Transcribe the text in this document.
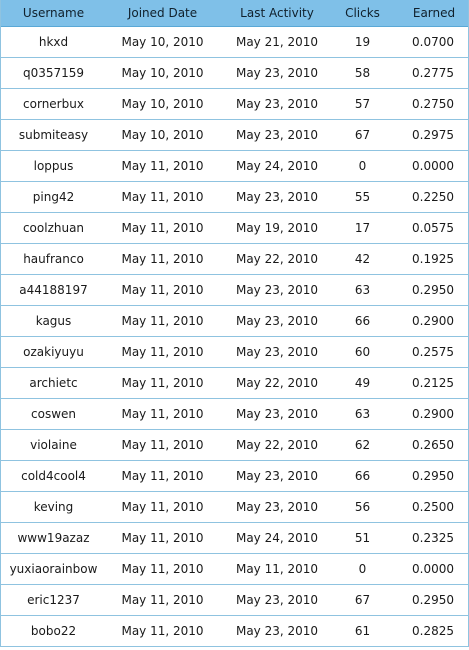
Username	Joined Date	Last Activity	Clicks	Earned
hkxd	May 10, 2010	May 21, 2010	19	0.0700
q0357159	May 10, 2010	May 23, 2010	58	0.2775
cornerbux	May 10, 2010	May 23, 2010	57	0.2750
submiteasy	May 10, 2010	May 23, 2010	67	0.2975
loppus	May 11, 2010	May 24, 2010	0	0.0000
ping42	May 11, 2010	May 23, 2010	55	0.2250
coolzhuan	May 11, 2010	May 19, 2010	17	0.0575
haufranco	May 11, 2010	May 22, 2010	42	0.1925
a44188197	May 11, 2010	May 23, 2010	63	0.2950
kagus	May 11, 2010	May 23, 2010	66	0.2900
ozakiyuyu	May 11, 2010	May 23, 2010	60	0.2575
archietc	May 11, 2010	May 22, 2010	49	0.2125
coswen	May 11, 2010	May 23, 2010	63	0.2900
violaine	May 11, 2010	May 22, 2010	62	0.2650
cold4cool4	May 11, 2010	May 23, 2010	66	0.2950
keving	May 11, 2010	May 23, 2010	56	0.2500
www19azaz	May 11, 2010	May 24, 2010	51	0.2325
yuxiaorainbow	May 11, 2010	May 11, 2010	0	0.0000
eric1237	May 11, 2010	May 23, 2010	67	0.2950
bobo22	May 11, 2010	May 23, 2010	61	0.2825
